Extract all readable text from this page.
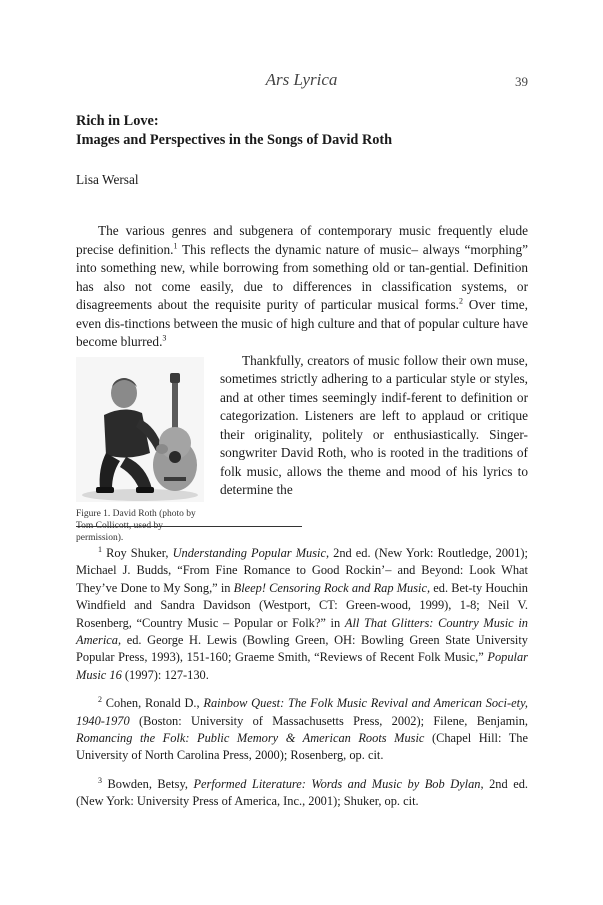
Ars Lyrica	39
Rich in Love:
Images and Perspectives in the Songs of David Roth
Lisa Wersal

The various genres and subgenera of contemporary music frequently elude precise definition.$^1$ This reflects the dynamic nature of music– always “morphing” into something new, while borrowing from something old or tan-gential. Definition has also not come easily, due to differences in classification systems, or disagreements about the requisite purity of particular musical forms.$^2$ Over time, even dis-tinctions between the music of high culture and that of popular culture have become blurred.$^3$

Figure 1. David Roth (photo by Tom Collicott, used by permission).

Thankfully, creators of music follow their own muse, sometimes strictly adhering to a particular style or styles, and at other times seemingly indif-ferent to definition or categorization. Listeners are left to applaud or critique their originality, politely or enthusiastically. Singer-songwriter David Roth, who is rooted in the traditions of folk music, allows the theme and mood of his lyrics to determine the

$^1$ Roy Shuker, Understanding Popular Music, 2nd ed. (New York: Routledge, 2001); Michael J. Budds, “From Fine Romance to Good Rockin’– and Beyond: Look What They’ve Done to My Song,” in Bleep! Censoring Rock and Rap Music, ed. Bet-ty Houchin Windfield and Sandra Davidson (Westport, CT: Green-wood, 1999), 1-8; Neil V. Rosenberg, “Country Music – Popular or Folk?” in All That Glitters: Country Music in America, ed. George H. Lewis (Bowling Green, OH: Bowling Green State University Popular Press, 1993), 151-160; Graeme Smith, “Reviews of Recent Folk Music,” Popular Music 16 (1997): 127-130.

$^2$ Cohen, Ronald D., Rainbow Quest: The Folk Music Revival and American Soci-ety, 1940-1970 (Boston: University of Massachusetts Press, 2002); Filene, Benjamin, Romancing the Folk: Public Memory & American Roots Music (Chapel Hill: The University of North Carolina Press, 2000); Rosenberg, op. cit.

$^3$ Bowden, Betsy, Performed Literature: Words and Music by Bob Dylan, 2nd ed. (New York: University Press of America, Inc., 2001); Shuker, op. cit.
